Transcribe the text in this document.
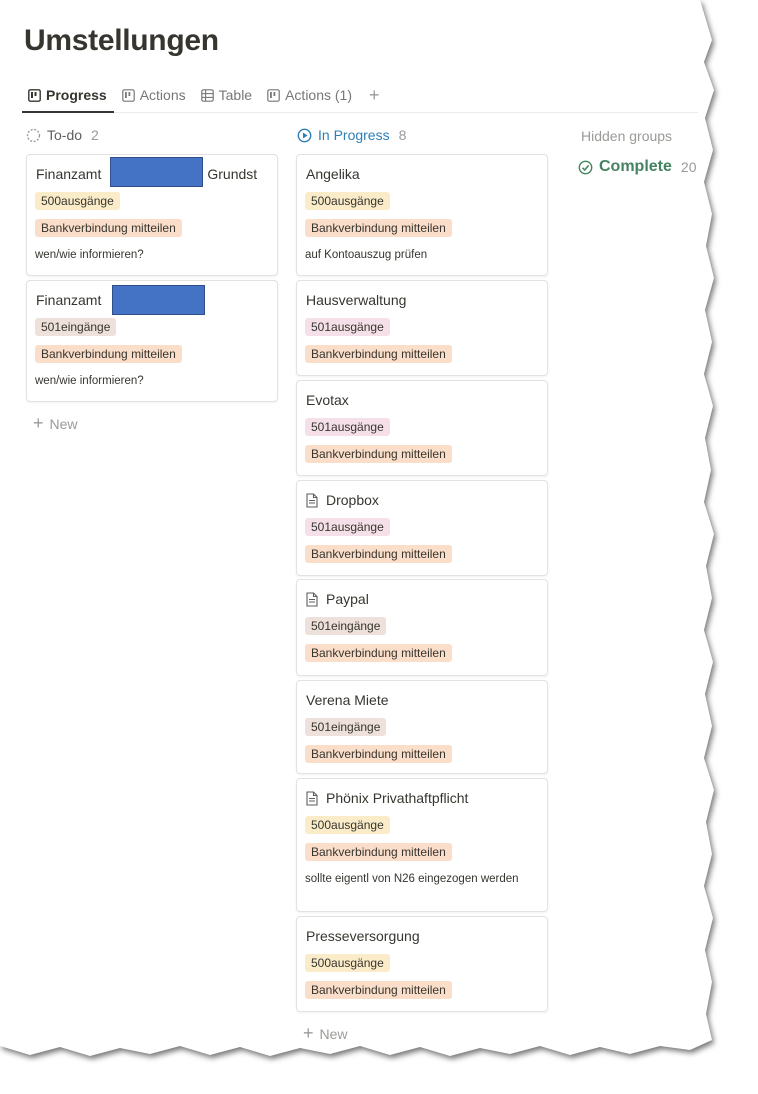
Umstellungen
Progress Actions Table Actions (1) +
To-do 2
Finanzamt	Grundst
500ausgänge
Bankverbindung mitteilen
wen/wie informieren?
Finanzamt
501eingänge
Bankverbindung mitteilen
wen/wie informieren?
+ New
In Progress 8
Angelika
500ausgänge
Bankverbindung mitteilen
auf Kontoauszug prüfen
Hausverwaltung
501ausgänge
Bankverbindung mitteilen
Evotax
501ausgänge
Bankverbindung mitteilen
Dropbox
501ausgänge
Bankverbindung mitteilen
Paypal
501eingänge
Bankverbindung mitteilen
Verena Miete
501eingänge
Bankverbindung mitteilen
Phönix Privathaftpflicht
500ausgänge
Bankverbindung mitteilen
sollte eigentl von N26 eingezogen werden
Presseversorgung
500ausgänge
Bankverbindung mitteilen
+ New
Hidden groups
Complete 20
